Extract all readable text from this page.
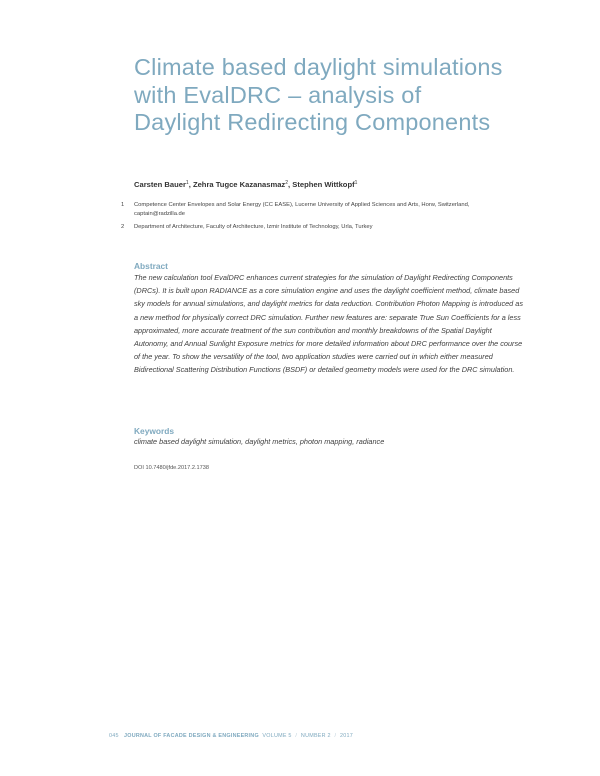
Climate based daylight simulations with EvalDRC – analysis of Daylight Redirecting Components
Carsten Bauer$^1$, Zehra Tugce Kazanasmaz$^2$, Stephen Wittkopf$^1$
1	Competence Center Envelopes and Solar Energy (CC EASE), Lucerne University of Applied Sciences and Arts, Horw, Switzerland, captain@radzilla.de
2	Department of Architecture, Faculty of Architecture, Izmir Institute of Technology, Urla, Turkey
Abstract

The new calculation tool EvalDRC enhances current strategies for the simulation of Daylight Redirecting Components (DRCs). It is built upon RADIANCE as a core simulation engine and uses the daylight coefficient method, climate based sky models for annual simulations, and daylight metrics for data reduction. Contribution Photon Mapping is introduced as a new method for physically correct DRC simulation. Further new features are: separate True Sun Coefficients for a less approximated, more accurate treatment of the sun contribution and monthly breakdowns of the Spatial Daylight Autonomy, and Annual Sunlight Exposure metrics for more detailed information about DRC performance over the course of the year. To show the versatility of the tool, two application studies were carried out in which either measured Bidirectional Scattering Distribution Functions (BSDF) or detailed geometry models were used for the DRC simulation.

Keywords
climate based daylight simulation, daylight metrics, photon mapping, radiance
DOI 10.7480/jfde.2017.2.1738
045 JOURNAL OF FACADE DESIGN & ENGINEERING VOLUME 5 / NUMBER 2 / 2017
